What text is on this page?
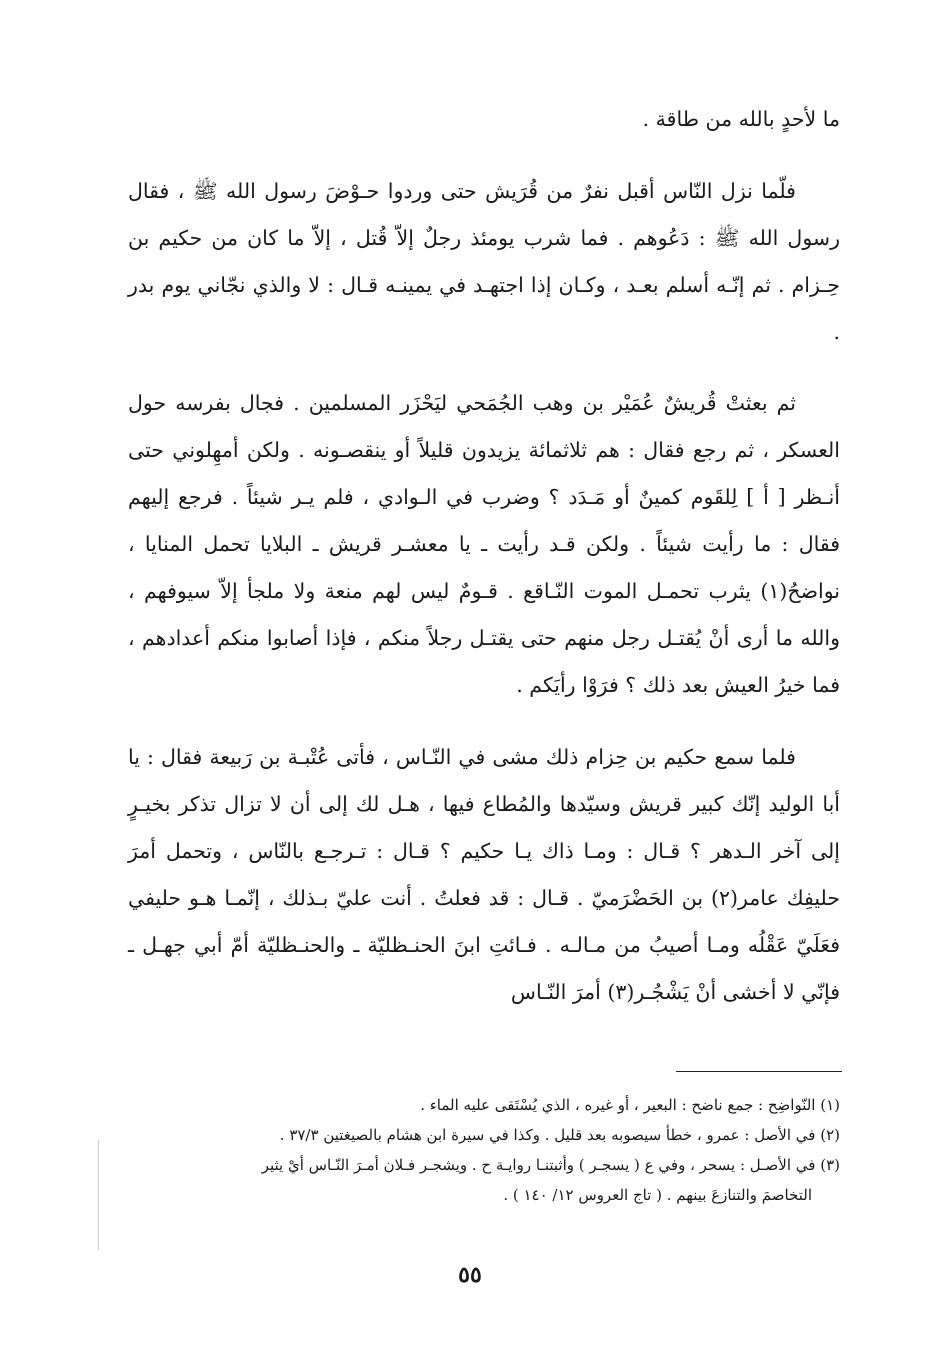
ما لأحدٍ بالله من طاقة .

فلّما نزل النّاس أقبل نفرٌ من قُرَيش حتى وردوا حـوْضَ رسول الله ﷺ ، فقال رسول الله ﷺ : دَعُوهم . فما شرب يومئذ رجلٌ إلاّ قُتل ، إلاّ ما كان من حكيم بن حِـزام . ثم إنّـه أسلم بعـد ، وكـان إذا اجتهـد في يمينـه قـال : لا والذي نجّاني يوم بدر .

ثم بعثتْ قُريشٌ عُمَيْر بن وهب الجُمَحي ليَحْزَر المسلمين . فجال بفرسه حول العسكر ، ثم رجع فقال : هم ثلاثمائة يزيدون قليلاً أو ينقصـونه . ولكن أمهِلوني حتى أنـظر [ أ ] لِلقَوم كمينٌ أو مَـدَد ؟ وضرب في الـوادي ، فلم يـر شيئاً . فرجع إليهم فقال : ما رأيت شيئاً . ولكن قـد رأيت ـ يا معشـر قريش ـ البلايا تحمل المنايا ، نواضحُ(١) يثرب تحمـل الموت النّـاقع . قـومٌ ليس لهم منعة ولا ملجأ إلاّ سيوفهم ، والله ما أرى أنْ يُقتـل رجل منهم حتى يقتـل رجلاً منكم ، فإذا أصابوا منكم أعدادهم ، فما خيرُ العيش بعد ذلك ؟ فرَوْا رأيَكم .

فلما سمع حكيم بن حِزام ذلك مشى في النّـاس ، فأتى عُتْبـة بن رَبيعة فقال : يا أبا الوليد إنّك كبير قريش وسيّدها والمُطاع فيها ، هـل لك إلى أن لا تزال تذكر بخيـرٍ إلى آخر الـدهر ؟ قـال : ومـا ذاك يـا حكيم ؟ قـال : تـرجـع بالنّاس ، وتحمل أمرَ حليفِك عامر(٢) بن الحَضْرَميّ . قـال : قد فعلتُ . أنت عليّ بـذلك ، إنّمـا هـو حليفي فعَلَيّ عَقْلُه ومـا أصيبُ من مـالـه . فـائتِ ابنَ الحنـظليّة ـ والحنـظليّة أمّ أبي جهـل ـ فإنّي لا أخشى أنْ يَشْجُـر(٣) أمرَ النّـاس

(١) النّواضِح : جمع ناضح : البعير ، أو غيره ، الذي يُسْتَقى عليه الماء .

(٢) في الأصل : عمرو ، خطأ سيصوبه بعد قليل . وكذا في سيرة ابن هشام بالصيغتين ٣٧/٣ .

(٣) في الأصـل : يسحر ، وفي ع ( يسجـر ) وأثبتنـا روايـة ح . ويشجـر فـلان أمـرَ النّـاس أيْ يثير

التخاصمَ والتنازعَ بينهم . ( تاج العروس ١٢/ ١٤٠ ) .

٥٥
